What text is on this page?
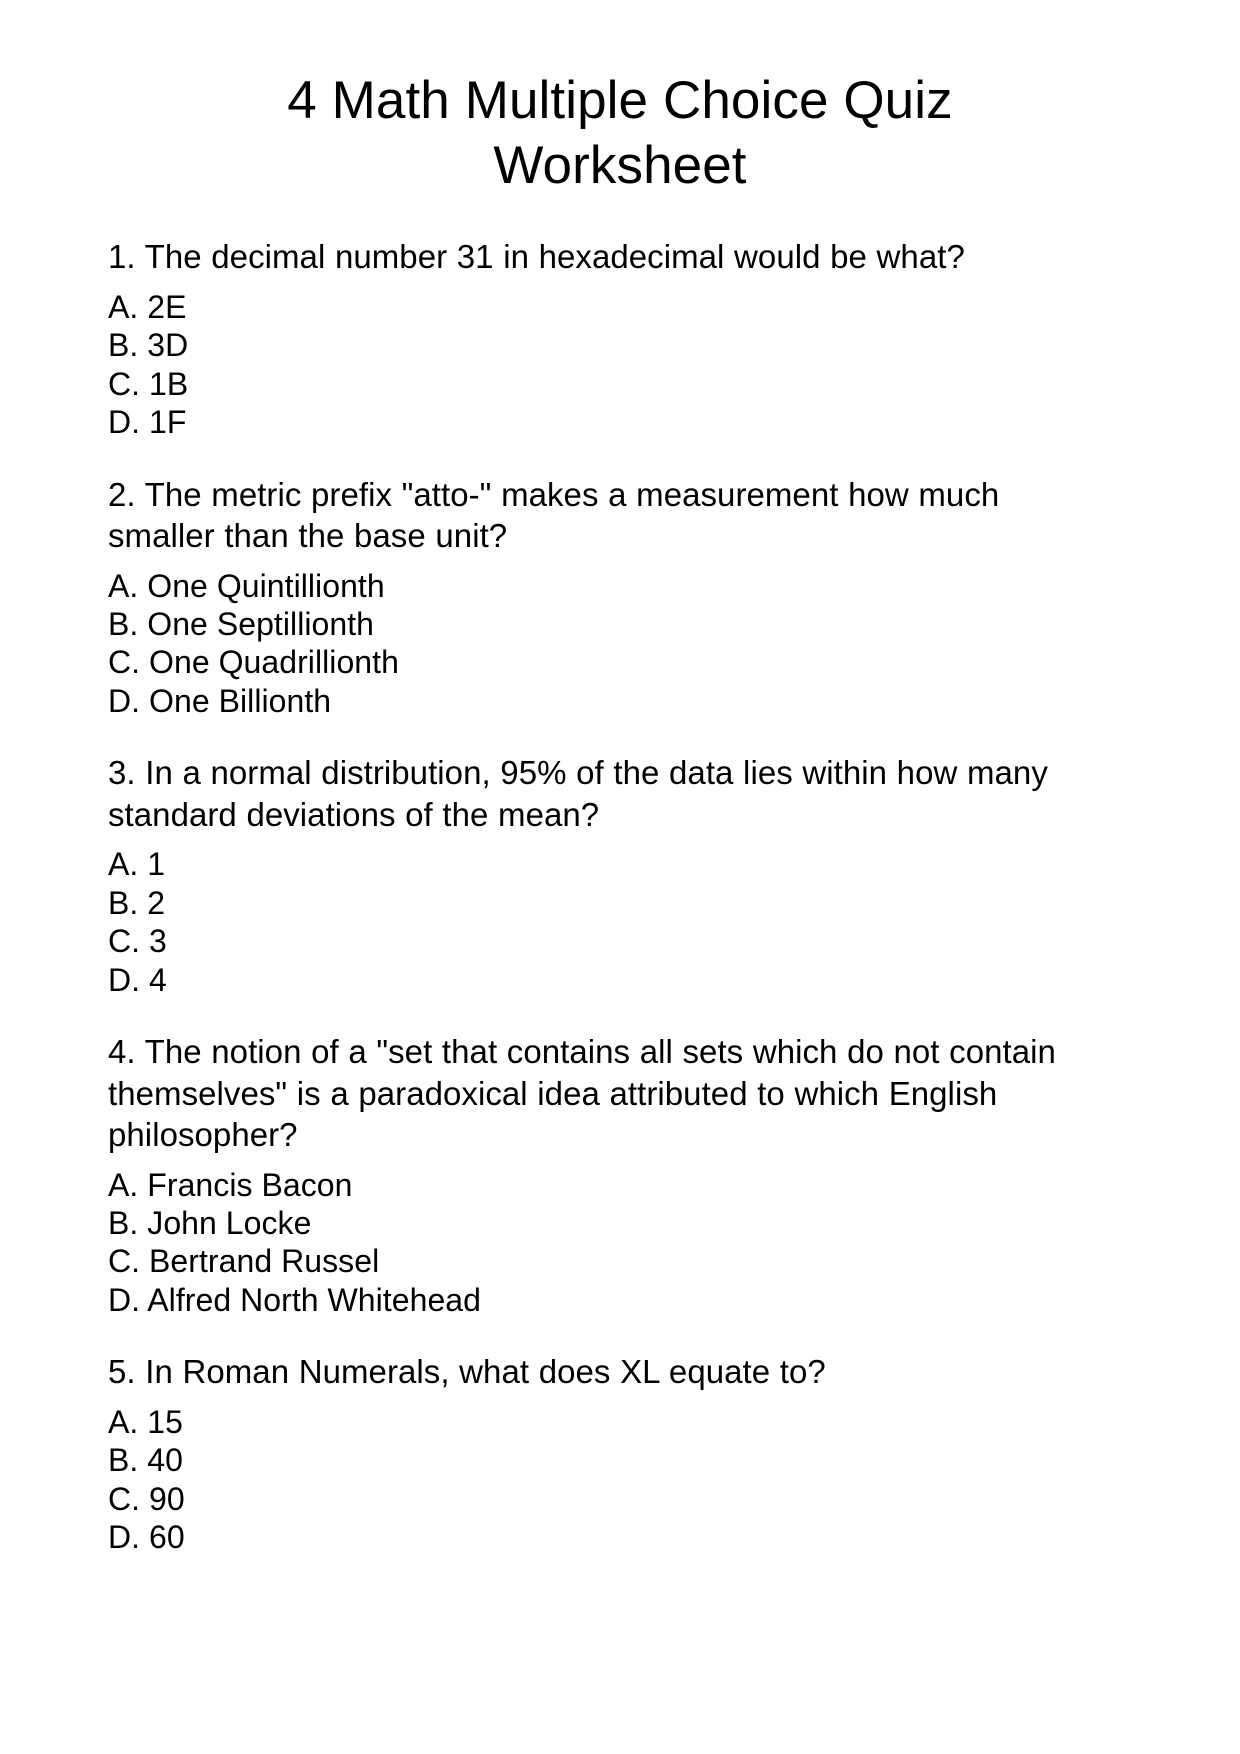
4 Math Multiple Choice Quiz Worksheet

1. The decimal number 31 in hexadecimal would be what?

A. 2E
B. 3D
C. 1B
D. 1F

2. The metric prefix "atto-" makes a measurement how much smaller than the base unit?

A. One Quintillionth
B. One Septillionth
C. One Quadrillionth
D. One Billionth

3. In a normal distribution, 95% of the data lies within how many standard deviations of the mean?

A. 1
B. 2
C. 3
D. 4

4. The notion of a "set that contains all sets which do not contain themselves" is a paradoxical idea attributed to which English philosopher?

A. Francis Bacon
B. John Locke
C. Bertrand Russel
D. Alfred North Whitehead

5. In Roman Numerals, what does XL equate to?

A. 15
B. 40
C. 90
D. 60
